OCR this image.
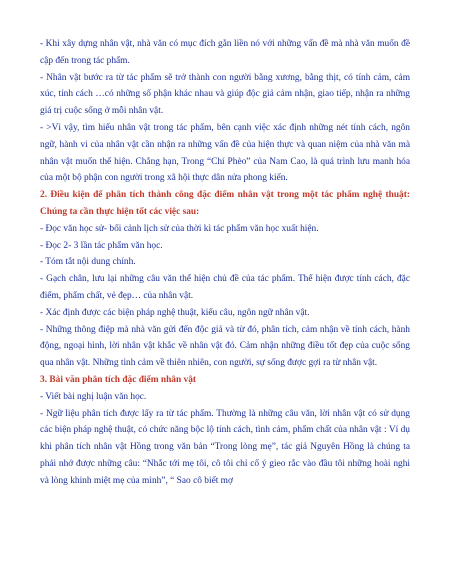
- Khi xây dựng nhân vật, nhà văn có mục đích gắn liền nó với những vấn đề mà nhà văn muốn đề cập đến trong tác phẩm.

- Nhân vật bước ra từ tác phẩm sẽ trở thành con người bằng xương, bằng thịt, có tính cảm, cảm xúc, tính cách …có những số phận khác nhau và giúp độc giả cảm nhận, giao tiếp, nhận ra những giá trị cuộc sống ở mỗi nhân vật.

- >Vì vậy, tìm hiểu nhân vật trong tác phẩm, bên cạnh việc xác định những nét tính cách, ngôn ngữ, hành vi của nhân vật cần nhận ra những vấn đề của hiện thực và quan niệm của nhà văn mà nhân vật muốn thể hiện. Chẳng hạn, Trong “Chí Phèo” của Nam Cao, là quá trình lưu manh hóa của một bộ phận con người trong xã hội thực dân nửa phong kiến.

2. Điều kiện để phân tích thành công đặc điểm nhân vật trong một tác phẩm nghệ thuật: Chúng ta cần thực hiện tốt các việc sau:

- Đọc văn học sử- bối cảnh lịch sử của thời kì tác phẩm văn học xuất hiện.

- Đọc 2- 3 lần tác phẩm văn học.

- Tóm tắt nội dung chính.

- Gạch chân, lưu lại những câu văn thể hiện chủ đề của tác phẩm. Thể hiện được tính cách, đặc điểm, phẩm chất, vẻ đẹp… của nhân vật.

- Xác định được các biện pháp nghệ thuật, kiểu câu, ngôn ngữ nhân vật.

- Những thông điệp mà nhà văn gửi đến độc giả và từ đó, phân tích, cảm nhận về tính cách, hành động, ngoại hình, lời nhân vật khắc về nhân vật đó. Cảm nhận những điều tốt đẹp của cuộc sống qua nhân vật. Những tình cảm về thiên nhiên, con người, sự sống được gợi ra từ nhân vật.

3. Bài văn phân tích đặc điểm nhân vật

- Viết bài nghị luận văn học.

- Ngữ liệu phân tích được lấy ra từ tác phẩm. Thường là những câu văn, lời nhân vật có sử dụng các biện pháp nghệ thuật, có chức năng bộc lộ tính cách, tình cảm, phẩm chất của nhân vật : Ví dụ khi phân tích nhân vật Hồng trong văn bản “Trong lòng mẹ”, tác giả Nguyên Hồng là chúng ta phải nhớ được những câu: “Nhắc tới mẹ tôi, cô tôi chỉ cố ý gieo rắc vào đầu tôi những hoài nghi và lòng khinh miệt mẹ của mình”, “ Sao cô biết mợ
